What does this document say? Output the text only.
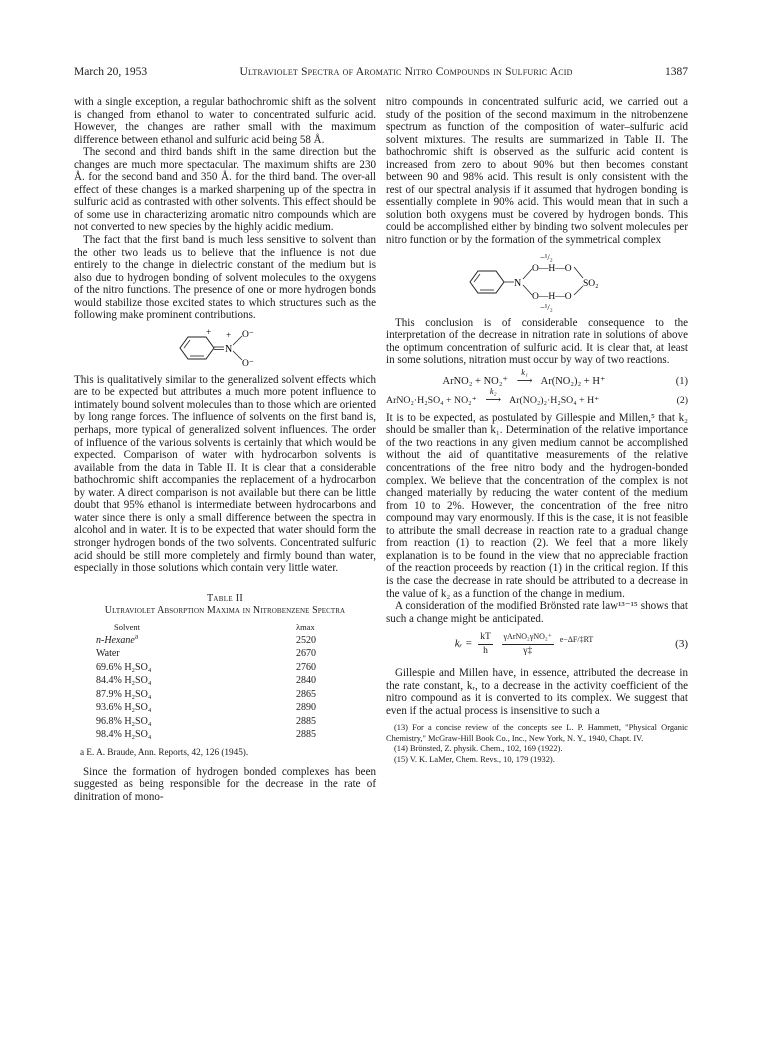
March 20, 1953	Ultraviolet Spectra of Aromatic Nitro Compounds in Sulfuric Acid	1387

with a single exception, a regular bathochromic shift as the solvent is changed from ethanol to water to concentrated sulfuric acid. However, the changes are rather small with the maximum difference between ethanol and sulfuric acid being 58 Å.

The second and third bands shift in the same direction but the changes are much more spectacular. The maximum shifts are 230 Å. for the second band and 350 Å. for the third band. The over-all effect of these changes is a marked sharpening up of the spectra in sulfuric acid as contrasted with other solvents. This effect should be of some use in characterizing aromatic nitro compounds which are not converted to new species by the highly acidic medium.

The fact that the first band is much less sensitive to solvent than the other two leads us to believe that the influence is not due entirely to the change in dielectric constant of the medium but is also due to hydrogen bonding of solvent molecules to the oxygens of the nitro functions. The presence of one or more hydrogen bonds would stabilize those excited states to which structures such as the following make prominent contributions.

N
+ + O⁻
O⁻

This is qualitatively similar to the generalized solvent effects which are to be expected but attributes a much more potent influence to intimately bound solvent molecules than to those which are oriented by long range forces. The influence of solvents on the first band is, perhaps, more typical of generalized solvent influences. The order of influence of the various solvents is certainly that which would be expected. Comparison of water with hydrocarbon solvents is available from the data in Table II. It is clear that a considerable bathochromic shift accompanies the replacement of a hydrocarbon by water. A direct comparison is not available but there can be little doubt that 95% ethanol is intermediate between hydrocarbons and water since there is only a small difference between the spectra in alcohol and in water. It is to be expected that water should form the stronger hydrogen bonds of the two solvents. Concentrated sulfuric acid should be still more completely and firmly bound than water, especially in those solutions which contain very little water.

Table II
Ultraviolet Absorption Maxima in Nitrobenzene Spectra
Solvent	λmax
n-Hexane$^a$	2520
Water	2670
69.6% H₂SO₄	2760
84.4% H₂SO₄	2840
87.9% H₂SO₄	2865
93.6% H₂SO₄	2890
96.8% H₂SO₄	2885
98.4% H₂SO₄	2885
a E. A. Braude, Ann. Reports, 42, 126 (1945).

Since the formation of hydrogen bonded complexes has been suggested as being responsible for the decrease in the rate of dinitration of mono-

nitro compounds in concentrated sulfuric acid, we carried out a study of the position of the second maximum in the nitrobenzene spectrum as function of the composition of water–sulfuric acid solvent mixtures. The results are summarized in Table II. The bathochromic shift is observed as the sulfuric acid content is increased from zero to about 90% but then becomes constant between 90 and 98% acid. This result is only consistent with the rest of our spectral analysis if it assumed that hydrogen bonding is essentially complete in 90% acid. This would mean that in such a solution both oxygens must be covered by hydrogen bonds. This could be accomplished either by binding two solvent molecules per nitro function or by the formation of the symmetrical complex

−¹/₂
N
O—H—O
O—H—O
SO₂
−¹/₂

This conclusion is of considerable consequence to the interpretation of the decrease in nitration rate in solutions of above the optimum concentration of sulfuric acid. It is clear that, at least in some solutions, nitration must occur by way of two reactions.

ArNO₂ + NO₂⁺
k₁
⟶ Ar(NO₂)₂ + H⁺	(1)
ArNO₂·H₂SO₄ + NO₂⁺
k₂
⟶ Ar(NO₂)₂·H₂SO₄ + H⁺	(2)

It is to be expected, as postulated by Gillespie and Millen,⁵ that k₂ should be smaller than k₁. Determination of the relative importance of the two reactions in any given medium cannot be accomplished without the aid of quantitative measurements of the relative concentrations of the free nitro body and the hydrogen-bonded complex. We believe that the concentration of the complex is not changed materially by reducing the water content of the medium from 10 to 2%. However, the concentration of the free nitro compound may vary enormously. If this is the case, it is not feasible to attribute the small decrease in reaction rate to a gradual change from reaction (1) to reaction (2). We feel that a more likely explanation is to be found in the view that no appreciable fraction of the reaction proceeds by reaction (1) in the critical region. If this is the case the decrease in rate should be attributed to a decrease in the value of k₂ as a function of the change in medium.

A consideration of the modified Brönsted rate law¹³⁻¹⁵ shows that such a change might be anticipated.

kᵣ = $\frac{kT}{h}$
$\frac{\text{γArNO₂γNO₂⁺}}{\gamma\ddagger} ^{e-\Delta F/\ddagger RT}$	(3)

Gillespie and Millen have, in essence, attributed the decrease in the rate constant, kᵣ, to a decrease in the activity coefficient of the nitro compound as it is converted to its complex. We suggest that even if the actual process is insensitive to such a

(13) For a concise review of the concepts see L. P. Hammett, "Physical Organic Chemistry," McGraw-Hill Book Co., Inc., New York, N. Y., 1940, Chapt. IV.

(14) Brönsted, Z. physik. Chem., 102, 169 (1922).

(15) V. K. LaMer, Chem. Revs., 10, 179 (1932).
